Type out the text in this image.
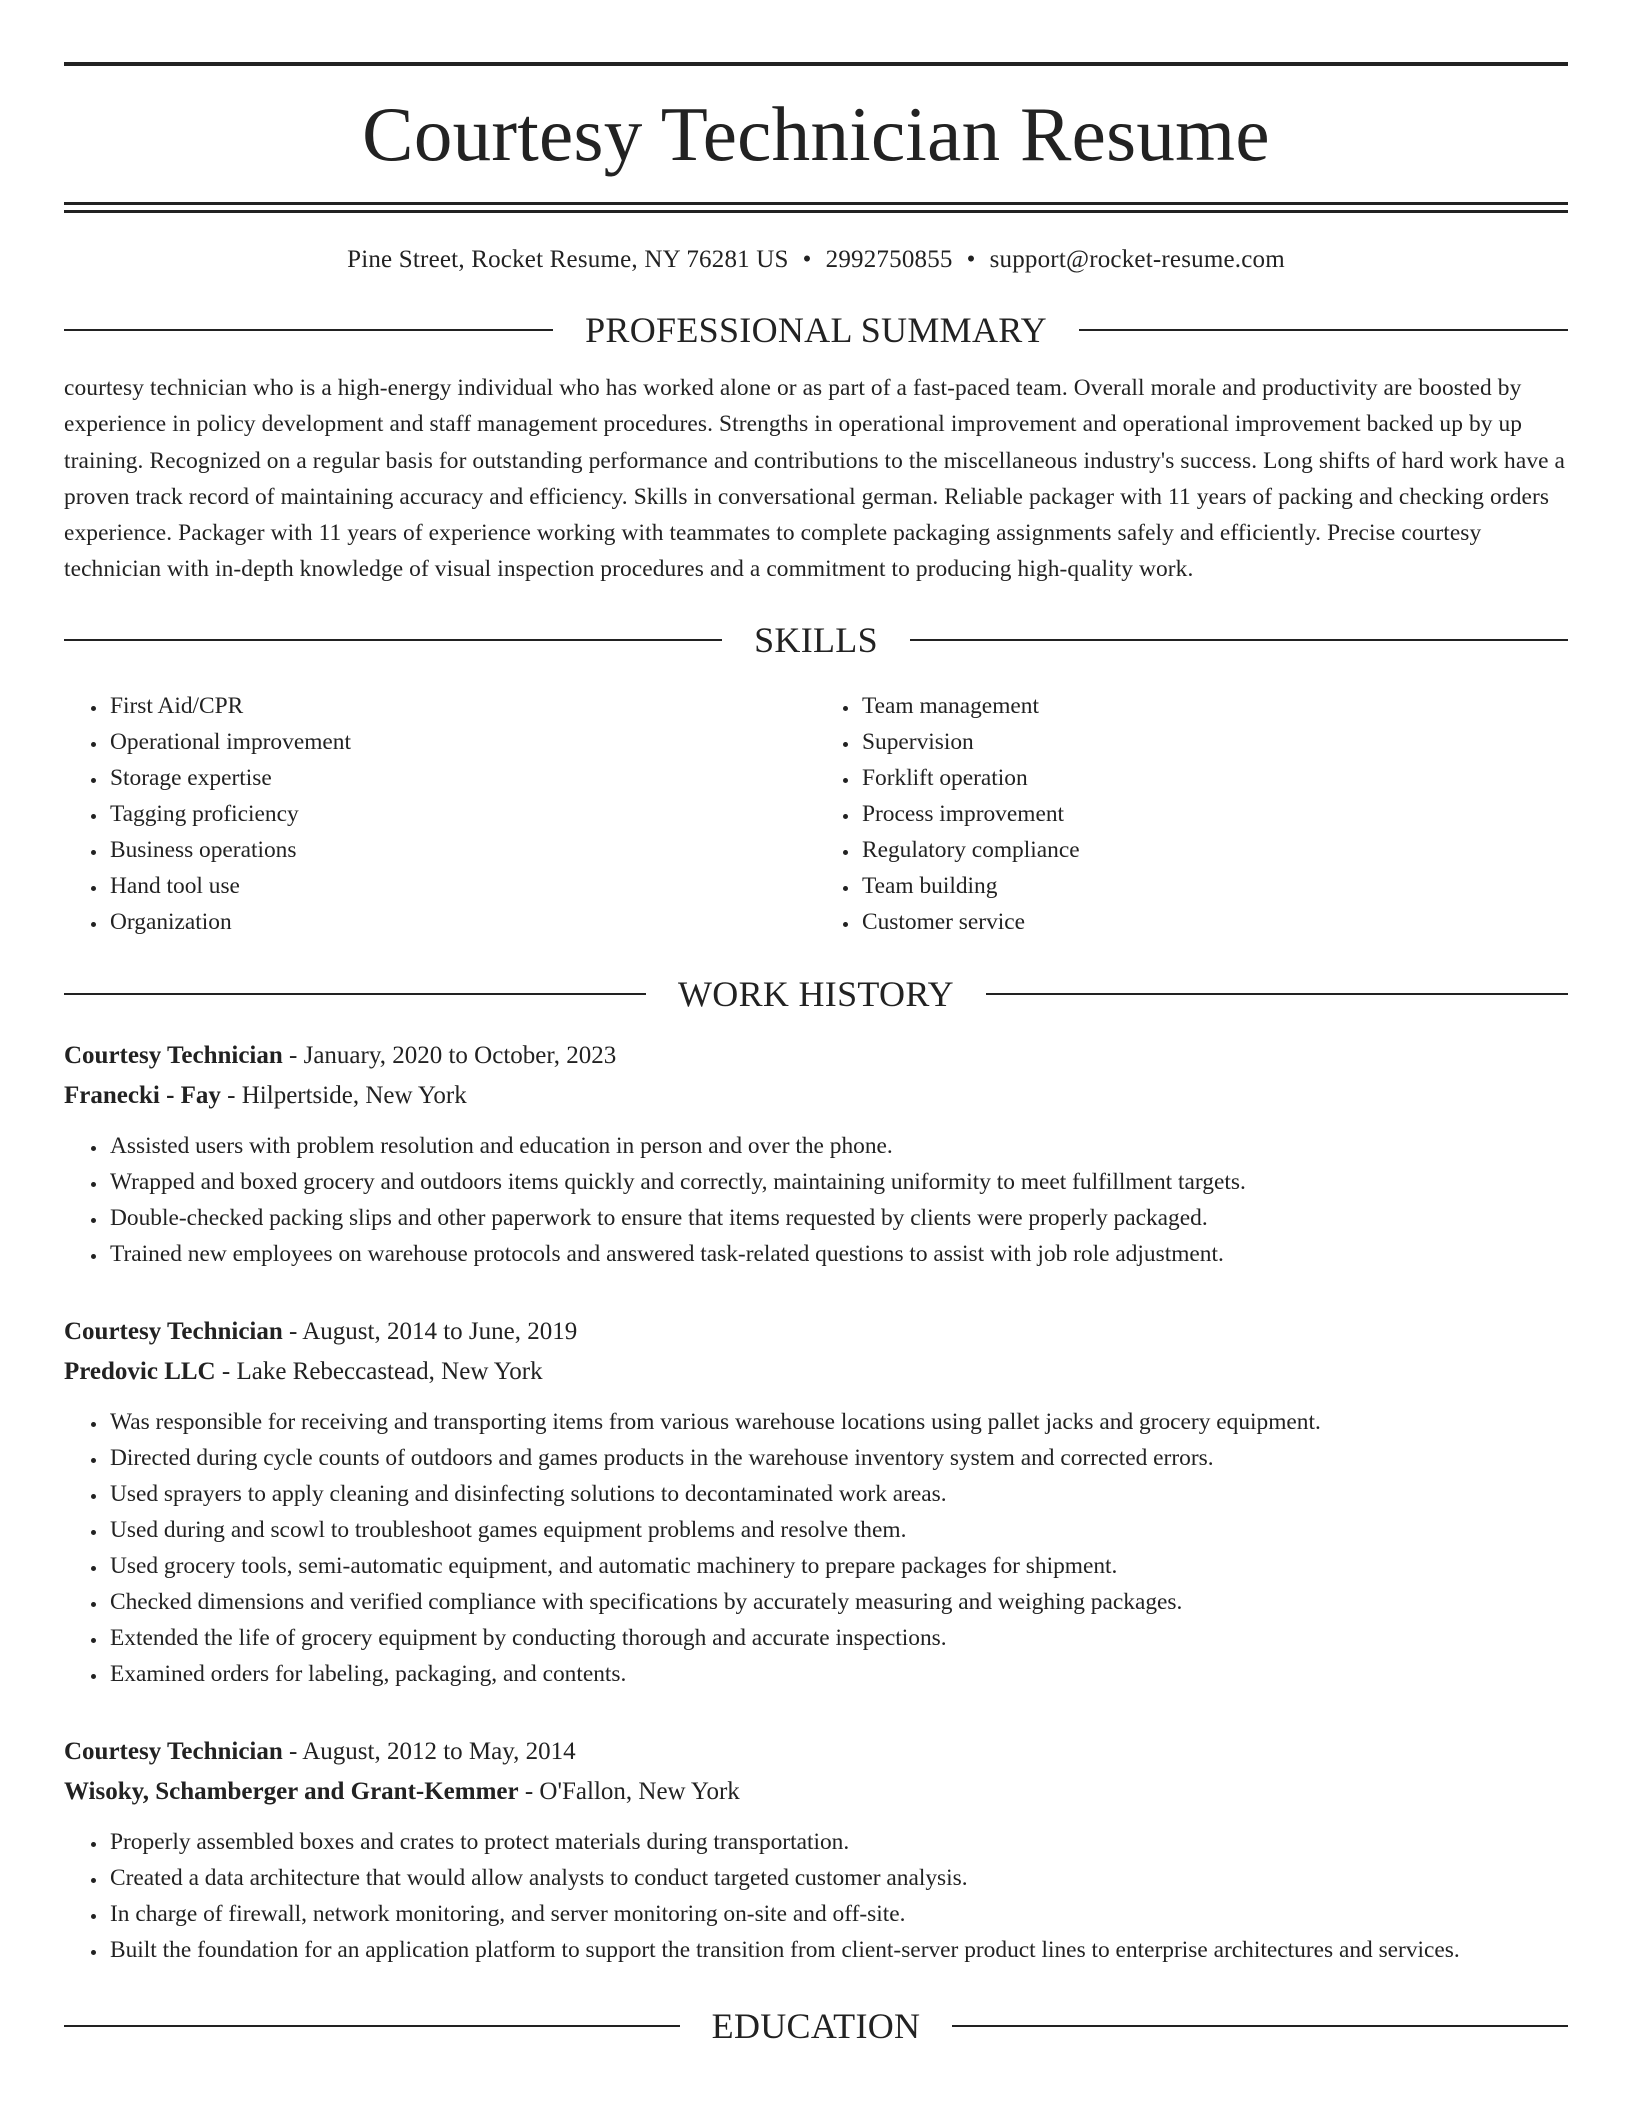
Courtesy Technician Resume
Pine Street, Rocket Resume, NY 76281 US • 2992750855 • support@rocket-resume.com
PROFESSIONAL SUMMARY

courtesy technician who is a high-energy individual who has worked alone or as part of a fast-paced team. Overall morale and productivity are boosted by experience in policy development and staff management procedures. Strengths in operational improvement and operational improvement backed up by up training. Recognized on a regular basis for outstanding performance and contributions to the miscellaneous industry's success. Long shifts of hard work have a proven track record of maintaining accuracy and efficiency. Skills in conversational german. Reliable packager with 11 years of packing and checking orders experience. Packager with 11 years of experience working with teammates to complete packaging assignments safely and efficiently. Precise courtesy technician with in-depth knowledge of visual inspection procedures and a commitment to producing high-quality work.

SKILLS
• First Aid/CPR
• Operational improvement
• Storage expertise
• Tagging proficiency
• Business operations
• Hand tool use
• Organization
• Team management
• Supervision
• Forklift operation
• Process improvement
• Regulatory compliance
• Team building
• Customer service
WORK HISTORY
Courtesy Technician - January, 2020 to October, 2023
Franecki - Fay - Hilpertside, New York
• Assisted users with problem resolution and education in person and over the phone.
• Wrapped and boxed grocery and outdoors items quickly and correctly, maintaining uniformity to meet fulfillment targets.
• Double-checked packing slips and other paperwork to ensure that items requested by clients were properly packaged.
• Trained new employees on warehouse protocols and answered task-related questions to assist with job role adjustment.
Courtesy Technician - August, 2014 to June, 2019
Predovic LLC - Lake Rebeccastead, New York
• Was responsible for receiving and transporting items from various warehouse locations using pallet jacks and grocery equipment.
• Directed during cycle counts of outdoors and games products in the warehouse inventory system and corrected errors.
• Used sprayers to apply cleaning and disinfecting solutions to decontaminated work areas.
• Used during and scowl to troubleshoot games equipment problems and resolve them.
• Used grocery tools, semi-automatic equipment, and automatic machinery to prepare packages for shipment.
• Checked dimensions and verified compliance with specifications by accurately measuring and weighing packages.
• Extended the life of grocery equipment by conducting thorough and accurate inspections.
• Examined orders for labeling, packaging, and contents.
Courtesy Technician - August, 2012 to May, 2014
Wisoky, Schamberger and Grant-Kemmer - O'Fallon, New York
• Properly assembled boxes and crates to protect materials during transportation.
• Created a data architecture that would allow analysts to conduct targeted customer analysis.
• In charge of firewall, network monitoring, and server monitoring on-site and off-site.
• Built the foundation for an application platform to support the transition from client-server product lines to enterprise architectures and services.
EDUCATION
